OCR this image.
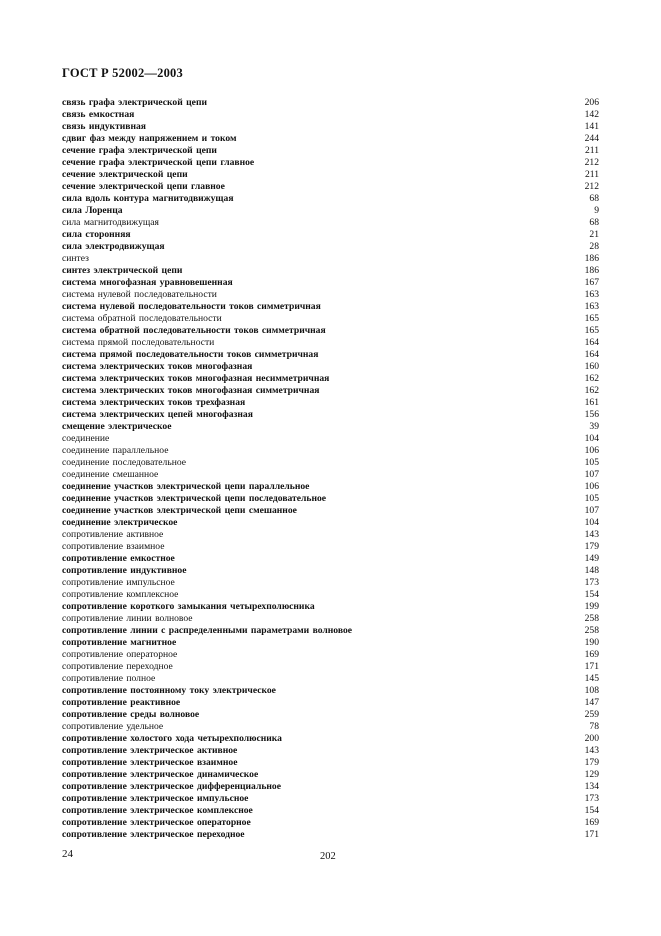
ГОСТ Р 52002—2003
связь графа электрической цепи	206
связь емкостная	142
связь индуктивная	141
сдвиг фаз между напряжением и током	244
сечение графа электрической цепи	211
сечение графа электрической цепи главное	212
сечение электрической цепи	211
сечение электрической цепи главное	212
сила вдоль контура магнитодвижущая	68
сила Лоренца	9
сила магнитодвижущая	68
сила сторонняя	21
сила электродвижущая	28
синтез	186
синтез электрической цепи	186
система многофазная уравновешенная	167
система нулевой последовательности	163
система нулевой последовательности токов симметричная	163
система обратной последовательности	165
система обратной последовательности токов симметричная	165
система прямой последовательности	164
система прямой последовательности токов симметричная	164
система электрических токов многофазная	160
система электрических токов многофазная несимметричная	162
система электрических токов многофазная симметричная	162
система электрических токов трехфазная	161
система электрических цепей многофазная	156
смещение электрическое	39
соединение	104
соединение параллельное	106
соединение последовательное	105
соединение смешанное	107
соединение участков электрической цепи параллельное	106
соединение участков электрической цепи последовательное	105
соединение участков электрической цепи смешанное	107
соединение электрическое	104
сопротивление активное	143
сопротивление взаимное	179
сопротивление емкостное	149
сопротивление индуктивное	148
сопротивление импульсное	173
сопротивление комплексное	154
сопротивление короткого замыкания четырехполюсника	199
сопротивление линии волновое	258
сопротивление линии с распределенными параметрами волновое	258
сопротивление магнитное	190
сопротивление операторное	169
сопротивление переходное	171
сопротивление полное	145
сопротивление постоянному току электрическое	108
сопротивление реактивное	147
сопротивление среды волновое	259
сопротивление удельное	78
сопротивление холостого хода четырехполюсника	200
сопротивление электрическое активное	143
сопротивление электрическое взаимное	179
сопротивление электрическое динамическое	129
сопротивление электрическое дифференциальное	134
сопротивление электрическое импульсное	173
сопротивление электрическое комплексное	154
сопротивление электрическое операторное	169
сопротивление электрическое переходное	171
24	202
